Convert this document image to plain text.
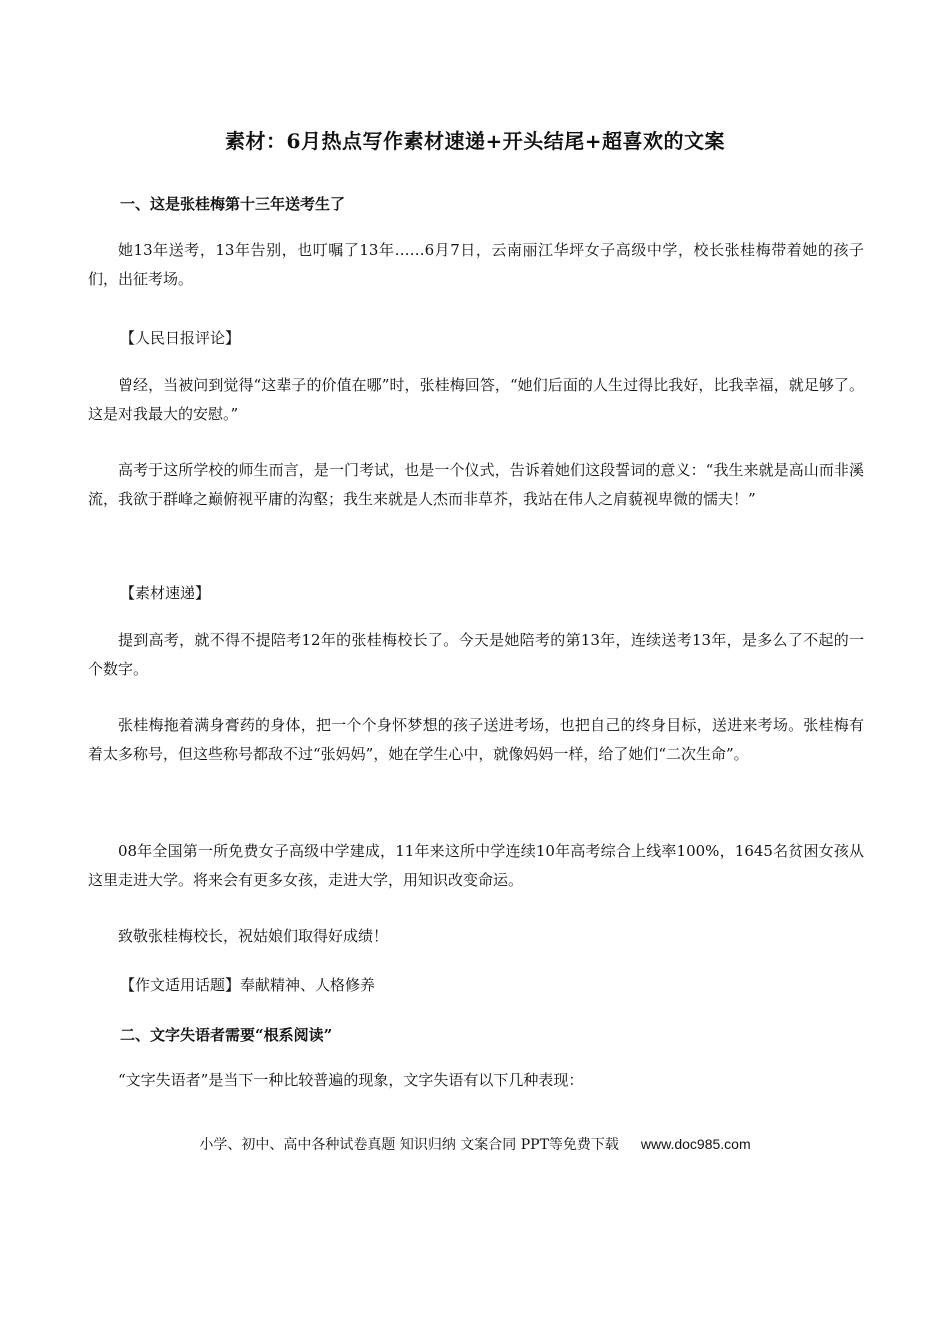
素材：6月热点写作素材速递+开头结尾+超喜欢的文案
一、这是张桂梅第十三年送考生了
她13年送考，13年告别，也叮嘱了13年……6月7日，云南丽江华坪女子高级中学，校长张桂梅带着她的孩子们，出征考场。
【人民日报评论】
曾经，当被问到觉得“这辈子的价值在哪”时，张桂梅回答，“她们后面的人生过得比我好，比我幸福，就足够了。这是对我最大的安慰。”
高考于这所学校的师生而言，是一门考试，也是一个仪式，告诉着她们这段誓词的意义：“我生来就是高山而非溪流，我欲于群峰之巅俯视平庸的沟壑；我生来就是人杰而非草芥，我站在伟人之肩藐视卑微的懦夫！”
【素材速递】
提到高考，就不得不提陪考12年的张桂梅校长了。今天是她陪考的第13年，连续送考13年，是多么了不起的一个数字。
张桂梅拖着满身膏药的身体，把一个个身怀梦想的孩子送进考场，也把自己的终身目标，送进来考场。张桂梅有着太多称号，但这些称号都敌不过“张妈妈”，她在学生心中，就像妈妈一样，给了她们“二次生命”。
08年全国第一所免费女子高级中学建成，11年来这所中学连续10年高考综合上线率100%，1645名贫困女孩从这里走进大学。将来会有更多女孩，走进大学，用知识改变命运。
致敬张桂梅校长，祝姑娘们取得好成绩！
【作文适用话题】奉献精神、人格修养
二、文字失语者需要“根系阅读”
“文字失语者”是当下一种比较普遍的现象，文字失语有以下几种表现：
小学、初中、高中各种试卷真题 知识归纳 文案合同 PPT等免费下载 www.doc985.com
